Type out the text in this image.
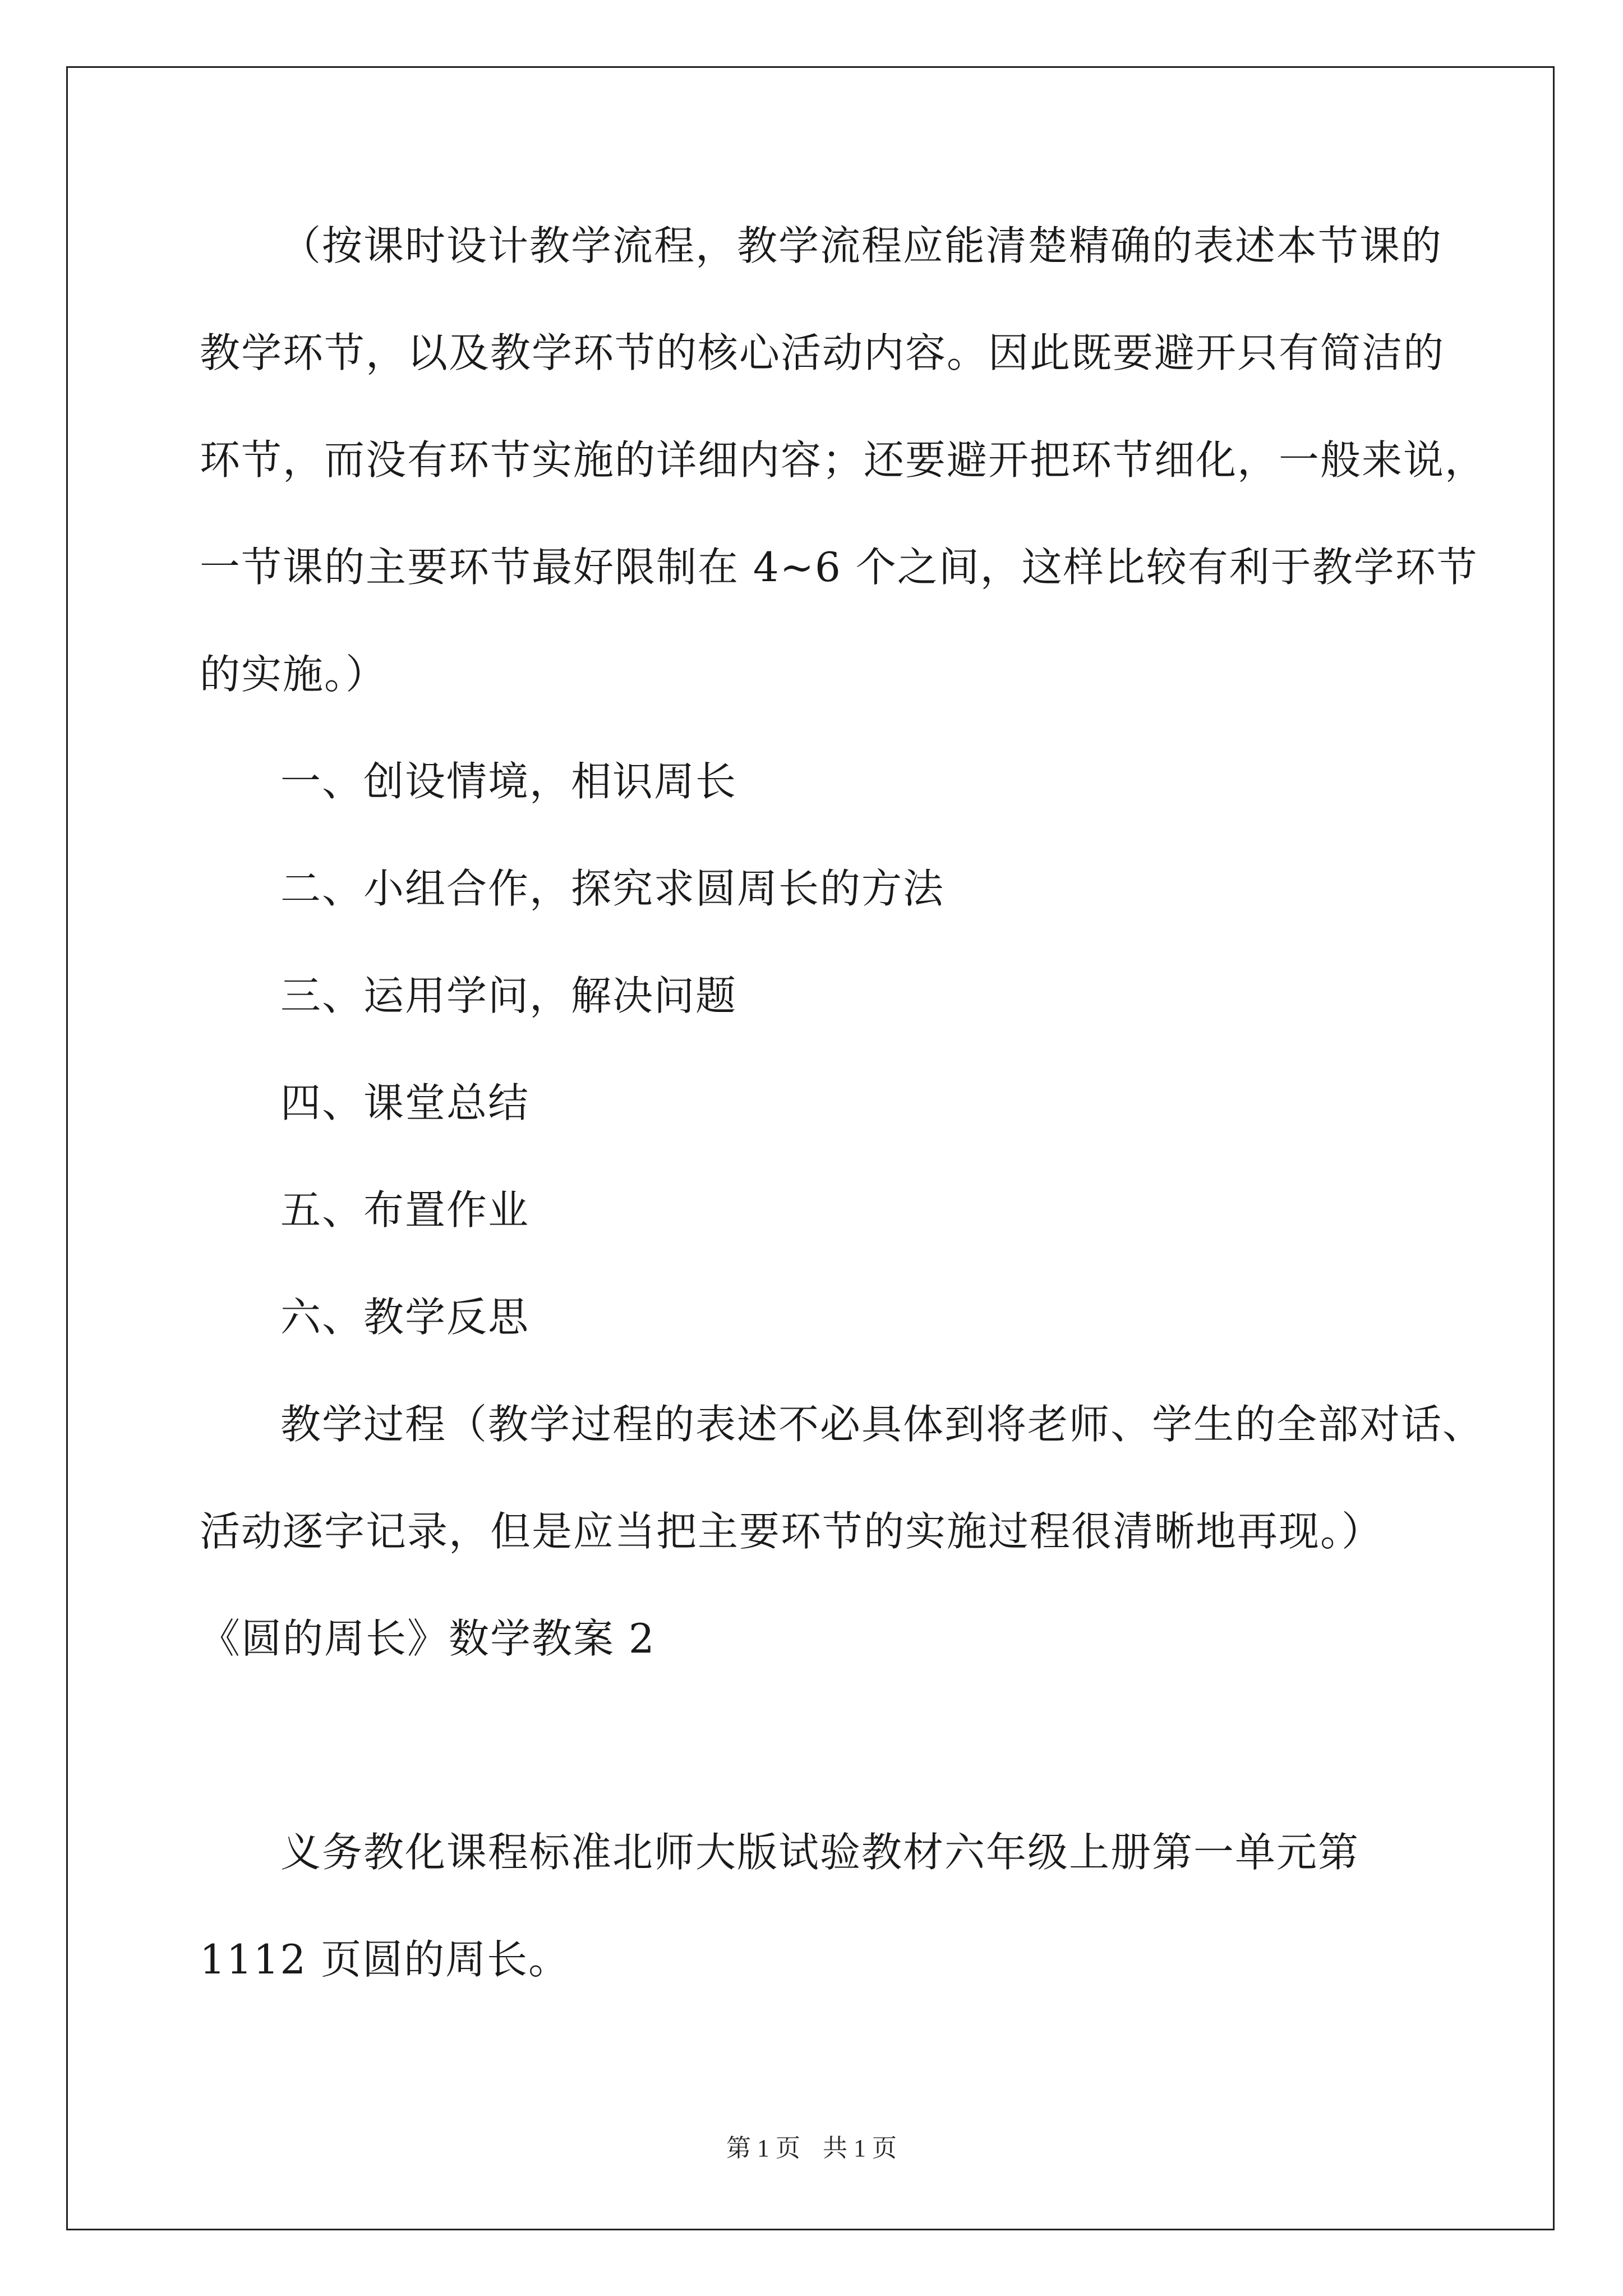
（按课时设计教学流程，教学流程应能清楚精确的表述本节课的
教学环节，以及教学环节的核心活动内容。因此既要避开只有简洁的
环节，而没有环节实施的详细内容；还要避开把环节细化，一般来说，
一节课的主要环节最好限制在 4~6 个之间，这样比较有利于教学环节
的实施。）
一、创设情境，相识周长
二、小组合作，探究求圆周长的方法
三、运用学问，解决问题
四、课堂总结
五、布置作业
六、教学反思
教学过程（教学过程的表述不必具体到将老师、学生的全部对话、
活动逐字记录，但是应当把主要环节的实施过程很清晰地再现。）
《圆的周长》数学教案 2
义务教化课程标准北师大版试验教材六年级上册第一单元第
1112 页圆的周长。
第 1 页 共 1 页
